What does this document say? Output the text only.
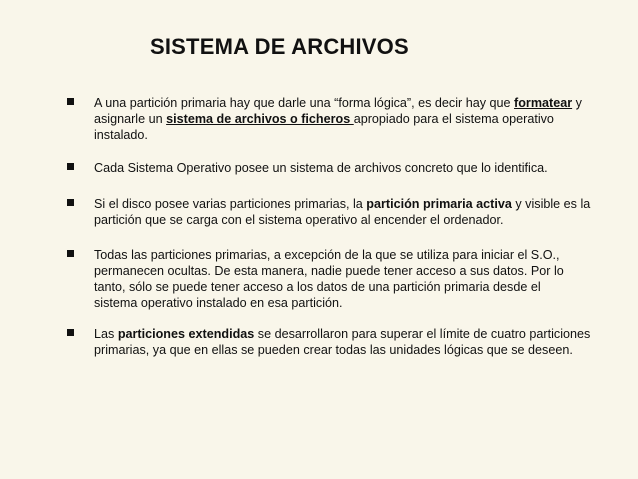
SISTEMA DE ARCHIVOS
A una partición primaria hay que darle una “forma lógica”, es decir hay que formatear y
asignarle un sistema de archivos o ficheros apropiado para el sistema operativo
instalado.
Cada Sistema Operativo posee un sistema de archivos concreto que lo identifica.
Si el disco posee varias particiones primarias, la partición primaria activa y visible es la
partición que se carga con el sistema operativo al encender el ordenador.
Todas las particiones primarias, a excepción de la que se utiliza para iniciar el S.O.,
permanecen ocultas. De esta manera, nadie puede tener acceso a sus datos. Por lo
tanto, sólo se puede tener acceso a los datos de una partición primaria desde el
sistema operativo instalado en esa partición.
Las particiones extendidas se desarrollaron para superar el límite de cuatro particiones
primarias, ya que en ellas se pueden crear todas las unidades lógicas que se deseen.
